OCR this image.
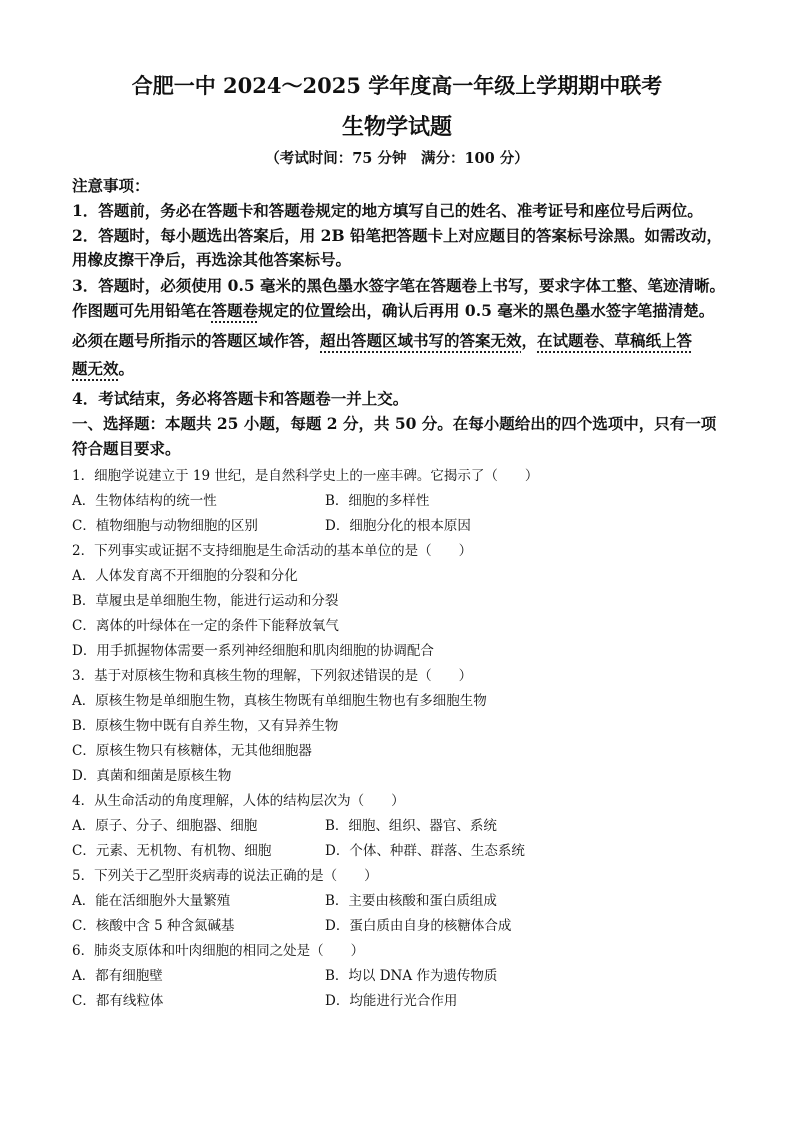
合肥一中 2024～2025 学年度高一年级上学期期中联考
生物学试题
（考试时间：75 分钟　满分：100 分）
注意事项：
1．答题前，务必在答题卡和答题卷规定的地方填写自己的姓名、准考证号和座位号后两位。
2．答题时，每小题选出答案后，用 2B 铅笔把答题卡上对应题目的答案标号涂黑。如需改动，
用橡皮擦干净后，再选涂其他答案标号。
3．答题时，必须使用 0.5 毫米的黑色墨水签字笔在答题卷上书写，要求字体工整、笔迹清晰。
作图题可先用铅笔在答题卷规定的位置绘出，确认后再用 0.5 毫米的黑色墨水签字笔描清楚。
必须在题号所指示的答题区域作答，超出答题区域书写的答案无效，在试题卷、草稿纸上答
题无效。
4．考试结束，务必将答题卡和答题卷一并上交。
一、选择题：本题共 25 小题，每题 2 分，共 50 分。在每小题给出的四个选项中，只有一项
符合题目要求。
1．细胞学说建立于 19 世纪，是自然科学史上的一座丰碑。它揭示了（　　）
A．生物体结构的统一性	B．细胞的多样性
C．植物细胞与动物细胞的区别	D．细胞分化的根本原因
2．下列事实或证据不支持细胞是生命活动的基本单位的是（　　）
A．人体发育离不开细胞的分裂和分化
B．草履虫是单细胞生物，能进行运动和分裂
C．离体的叶绿体在一定的条件下能释放氧气
D．用手抓握物体需要一系列神经细胞和肌肉细胞的协调配合
3．基于对原核生物和真核生物的理解，下列叙述错误的是（　　）
A．原核生物是单细胞生物，真核生物既有单细胞生物也有多细胞生物
B．原核生物中既有自养生物，又有异养生物
C．原核生物只有核糖体，无其他细胞器
D．真菌和细菌是原核生物
4．从生命活动的角度理解，人体的结构层次为（　　）
A．原子、分子、细胞器、细胞	B．细胞、组织、器官、系统
C．元素、无机物、有机物、细胞	D．个体、种群、群落、生态系统
5．下列关于乙型肝炎病毒的说法正确的是（　　）
A．能在活细胞外大量繁殖	B．主要由核酸和蛋白质组成
C．核酸中含 5 种含氮碱基	D．蛋白质由自身的核糖体合成
6．肺炎支原体和叶肉细胞的相同之处是（　　）
A．都有细胞壁	B．均以 DNA 作为遗传物质
C．都有线粒体	D．均能进行光合作用
